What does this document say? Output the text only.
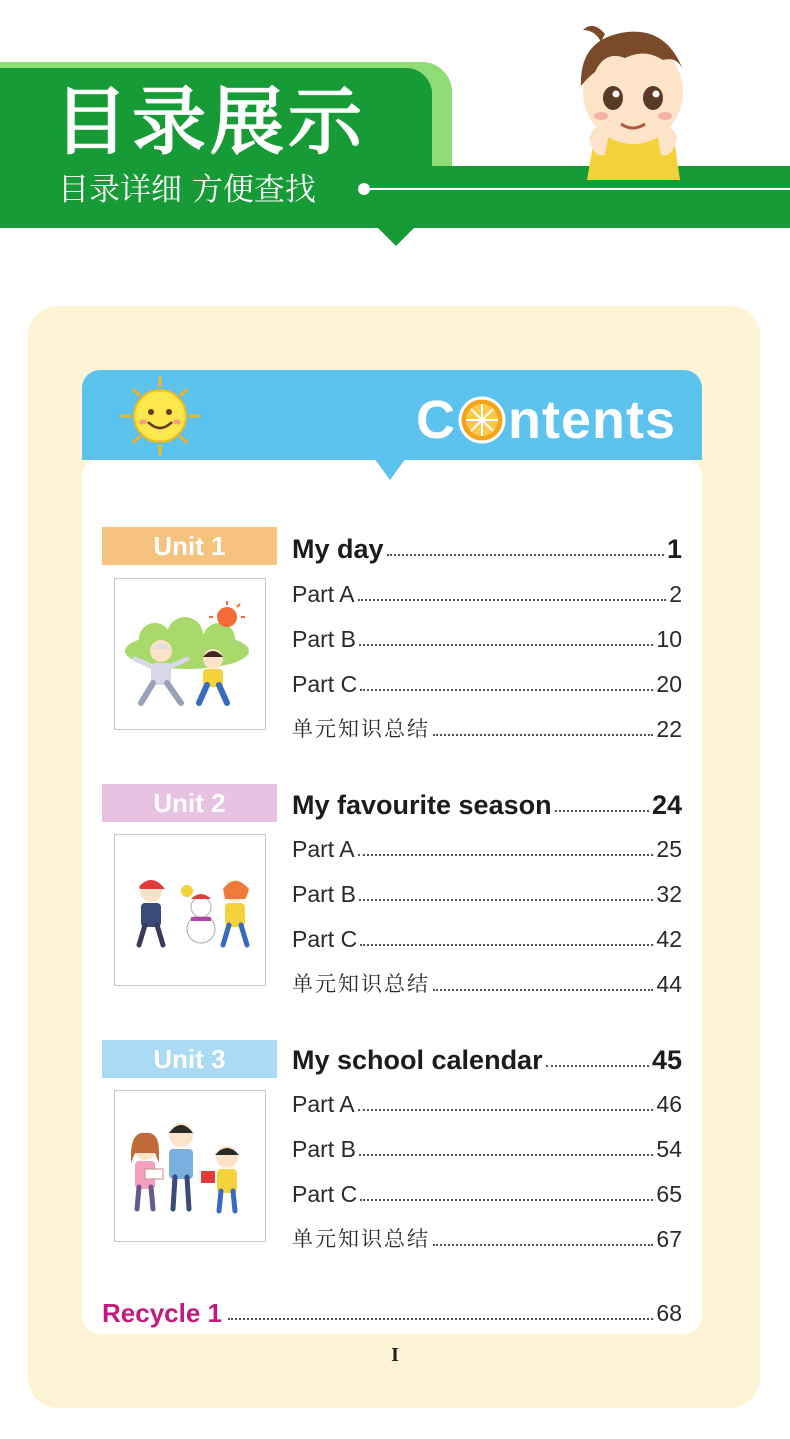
目录展示
目录详细 方便查找
C ntents
Unit 1	My day	1
Part A	2
Part B	10
Part C	20
单元知识总结	22
Unit 2	My favourite season	24
Part A	25
Part B	32
Part C	42
单元知识总结	44
Unit 3	My school calendar	45
Part A	46
Part B	54
Part C	65
单元知识总结	67
Recycle 1	68
I
